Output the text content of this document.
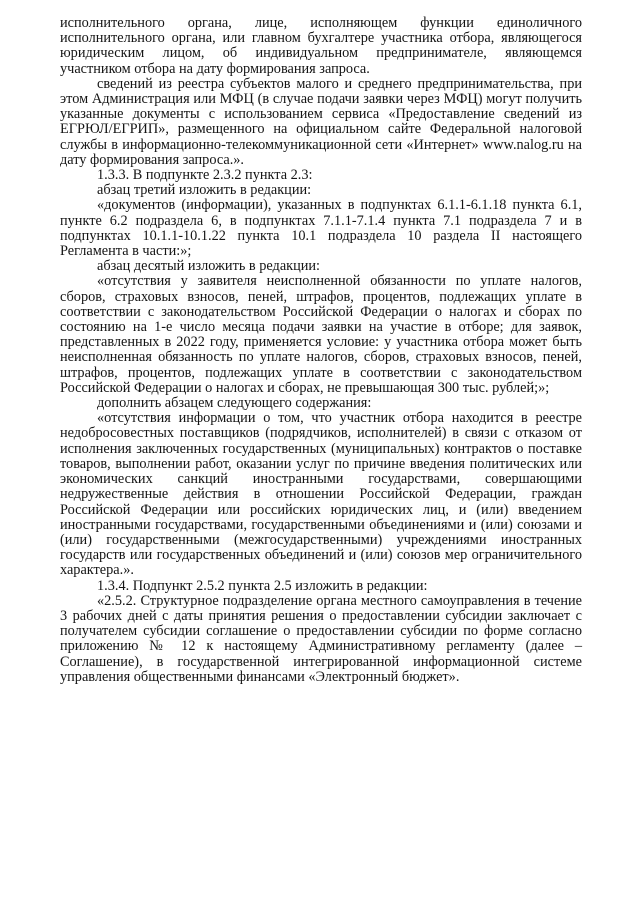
исполнительного органа, лице, исполняющем функции единоличного исполнительного органа, или главном бухгалтере участника отбора, являющегося юридическим лицом, об индивидуальном предпринимателе, являющемся участником отбора на дату формирования запроса.

сведений из реестра субъектов малого и среднего предпринимательства, при этом Администрация или МФЦ (в случае подачи заявки через МФЦ) могут получить указанные документы с использованием сервиса «Предоставление сведений из ЕГРЮЛ/ЕГРИП», размещенного на официальном сайте Федеральной налоговой службы в информационно-телекоммуникационной сети «Интернет» www.nalog.ru на дату формирования запроса.».

1.3.3. В подпункте 2.3.2 пункта 2.3:

абзац третий изложить в редакции:

«документов (информации), указанных в подпунктах 6.1.1-6.1.18 пункта 6.1, пункте 6.2 подраздела 6, в подпунктах 7.1.1-7.1.4 пункта 7.1 подраздела 7 и в подпунктах 10.1.1-10.1.22 пункта 10.1 подраздела 10 раздела II настоящего Регламента в части:»;

абзац десятый изложить в редакции:

«отсутствия у заявителя неисполненной обязанности по уплате налогов, сборов, страховых взносов, пеней, штрафов, процентов, подлежащих уплате в соответствии с законодательством Российской Федерации о налогах и сборах по состоянию на 1-е число месяца подачи заявки на участие в отборе; для заявок, представленных в 2022 году, применяется условие: у участника отбора может быть неисполненная обязанность по уплате налогов, сборов, страховых взносов, пеней, штрафов, процентов, подлежащих уплате в соответствии с законодательством Российской Федерации о налогах и сборах, не превышающая 300 тыс. рублей;»;

дополнить абзацем следующего содержания:

«отсутствия информации о том, что участник отбора находится в реестре недобросовестных поставщиков (подрядчиков, исполнителей) в связи с отказом от исполнения заключенных государственных (муниципальных) контрактов о поставке товаров, выполнении работ, оказании услуг по причине введения политических или экономических санкций иностранными государствами, совершающими недружественные действия в отношении Российской Федерации, граждан Российской Федерации или российских юридических лиц, и (или) введением иностранными государствами, государственными объединениями и (или) союзами и (или) государственными (межгосударственными) учреждениями иностранных государств или государственных объединений и (или) союзов мер ограничительного характера.».

1.3.4. Подпункт 2.5.2 пункта 2.5 изложить в редакции:

«2.5.2. Структурное подразделение органа местного самоуправления в течение 3 рабочих дней с даты принятия решения о предоставлении субсидии заключает с получателем субсидии соглашение о предоставлении субсидии по форме согласно приложению № 12 к настоящему Административному регламенту (далее – Соглашение), в государственной интегрированной информационной системе управления общественными финансами «Электронный бюджет».
